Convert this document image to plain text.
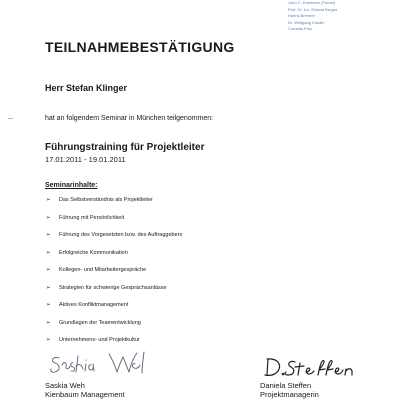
John C. Kronkmm (Forum)
Prof. Dr. h.c. Roland Berger
Hanns Brenner
Dr. Wolfgang Kissler
Cornelia Frey
TEILNAHMEBESTÄTIGUNG
Herr Stefan Klinger
hat an folgendem Seminar in München teilgenommen:
Führungstraining für Projektleiter
17.01.2011 - 19.01.2011
Seminarinhalte:
➢ Das Selbstverständnis als Projektleiter
➢ Führung mit Persönlichkeit
➢ Führung des Vorgesetzten bzw. des Auftraggebers
➢ Erfolgreiche Kommunikation
➢ Kollegen- und Mitarbeitergespräche
➢ Strategien für schwierige Gesprächsanlässe
➢ Aktives Konfliktmanagement
➢ Grundlagen der Teamentwicklung
➢ Unternehmens- und Projektkultur
Saskia Weh
Kienbaum Management
Daniela Steffen
Projektmanagerin
